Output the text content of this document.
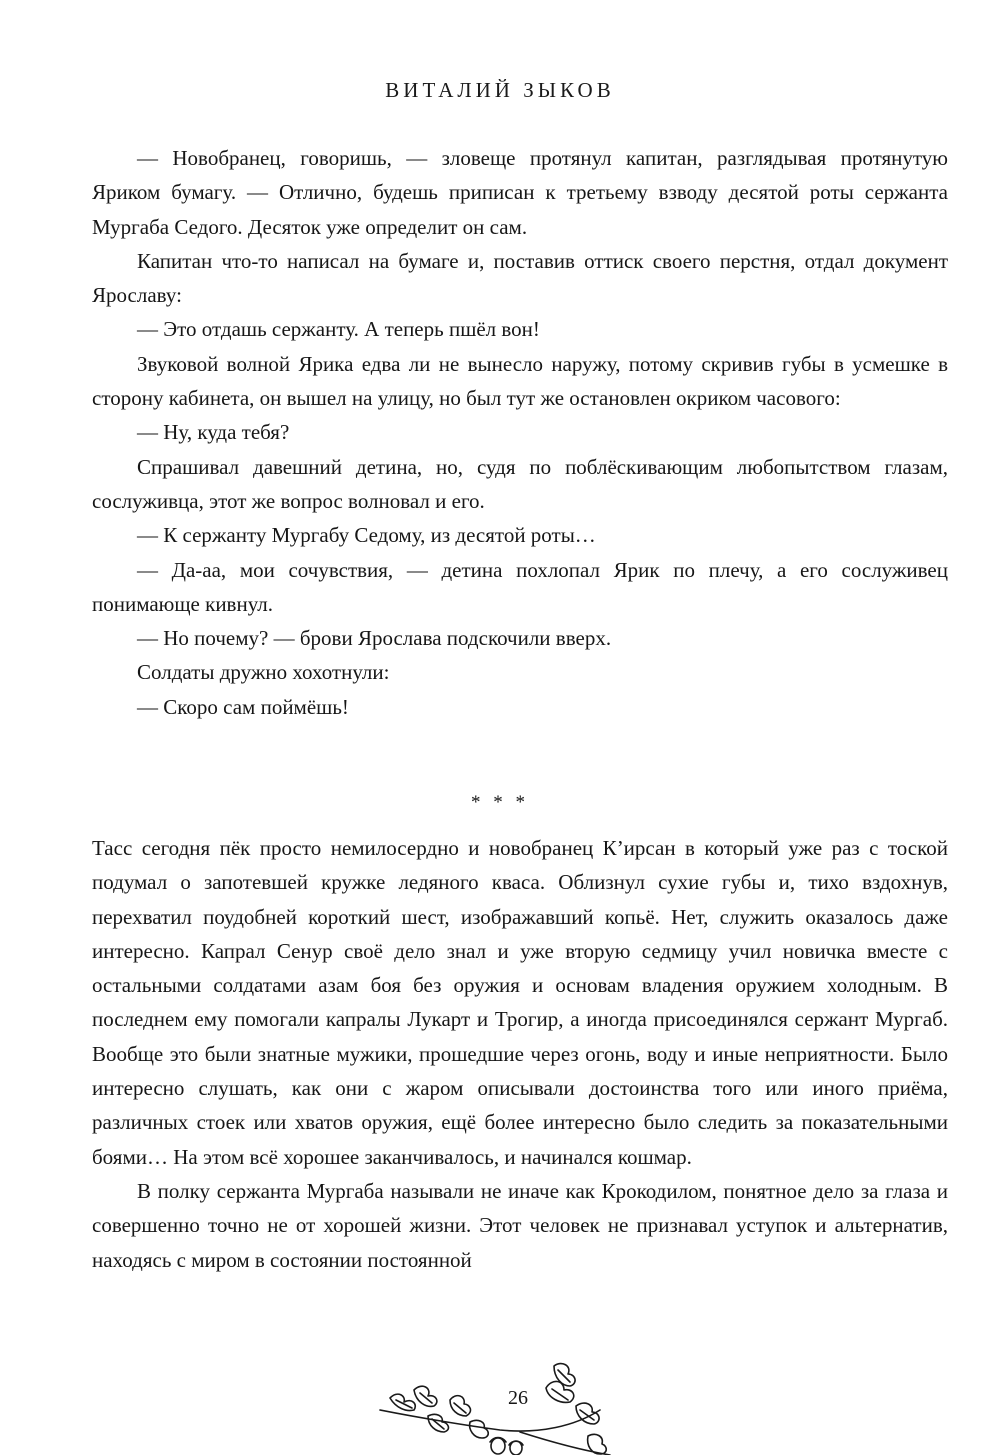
ВИТАЛИЙ ЗЫКОВ

— Новобранец, говоришь, — зловеще протянул капитан, разглядывая протянутую Яриком бумагу. — Отлично, будешь приписан к третьему взводу десятой роты сержанта Мургаба Седого. Десяток уже определит он сам.

Капитан что-то написал на бумаге и, поставив оттиск своего перстня, отдал документ Ярославу:

— Это отдашь сержанту. А теперь пшёл вон!

Звуковой волной Ярика едва ли не вынесло наружу, потому скривив губы в усмешке в сторону кабинета, он вышел на улицу, но был тут же остановлен окриком часового:

— Ну, куда тебя?

Спрашивал давешний детина, но, судя по поблёскивающим любопытством глазам, сослуживца, этот же вопрос волновал и его.

— К сержанту Мургабу Седому, из десятой роты…

— Да-аа, мои сочувствия, — детина похлопал Ярик по плечу, а его сослуживец понимающе кивнул.

— Но почему? — брови Ярослава подскочили вверх.

Солдаты дружно хохотнули:

— Скоро сам поймёшь!

* * *

Тасс сегодня пёк просто немилосердно и новобранец К’ирсан в который уже раз с тоской подумал о запотевшей кружке ледяного кваса. Облизнул сухие губы и, тихо вздохнув, перехватил поудобней короткий шест, изображавший копьё. Нет, служить оказалось даже интересно. Капрал Сенур своё дело знал и уже вторую седмицу учил новичка вместе с остальными солдатами азам боя без оружия и основам владения оружием холодным. В последнем ему помогали капралы Лукарт и Трогир, а иногда присоединялся сержант Мургаб. Вообще это были знатные мужики, прошедшие через огонь, воду и иные неприятности. Было интересно слушать, как они с жаром описывали достоинства того или иного приёма, различных стоек или хватов оружия, ещё более интересно было следить за показательными боями… На этом всё хорошее заканчивалось, и начинался кошмар.

В полку сержанта Мургаба называли не иначе как Крокодилом, понятное дело за глаза и совершенно точно не от хорошей жизни. Этот человек не признавал уступок и альтернатив, находясь с миром в состоянии постоянной

26
